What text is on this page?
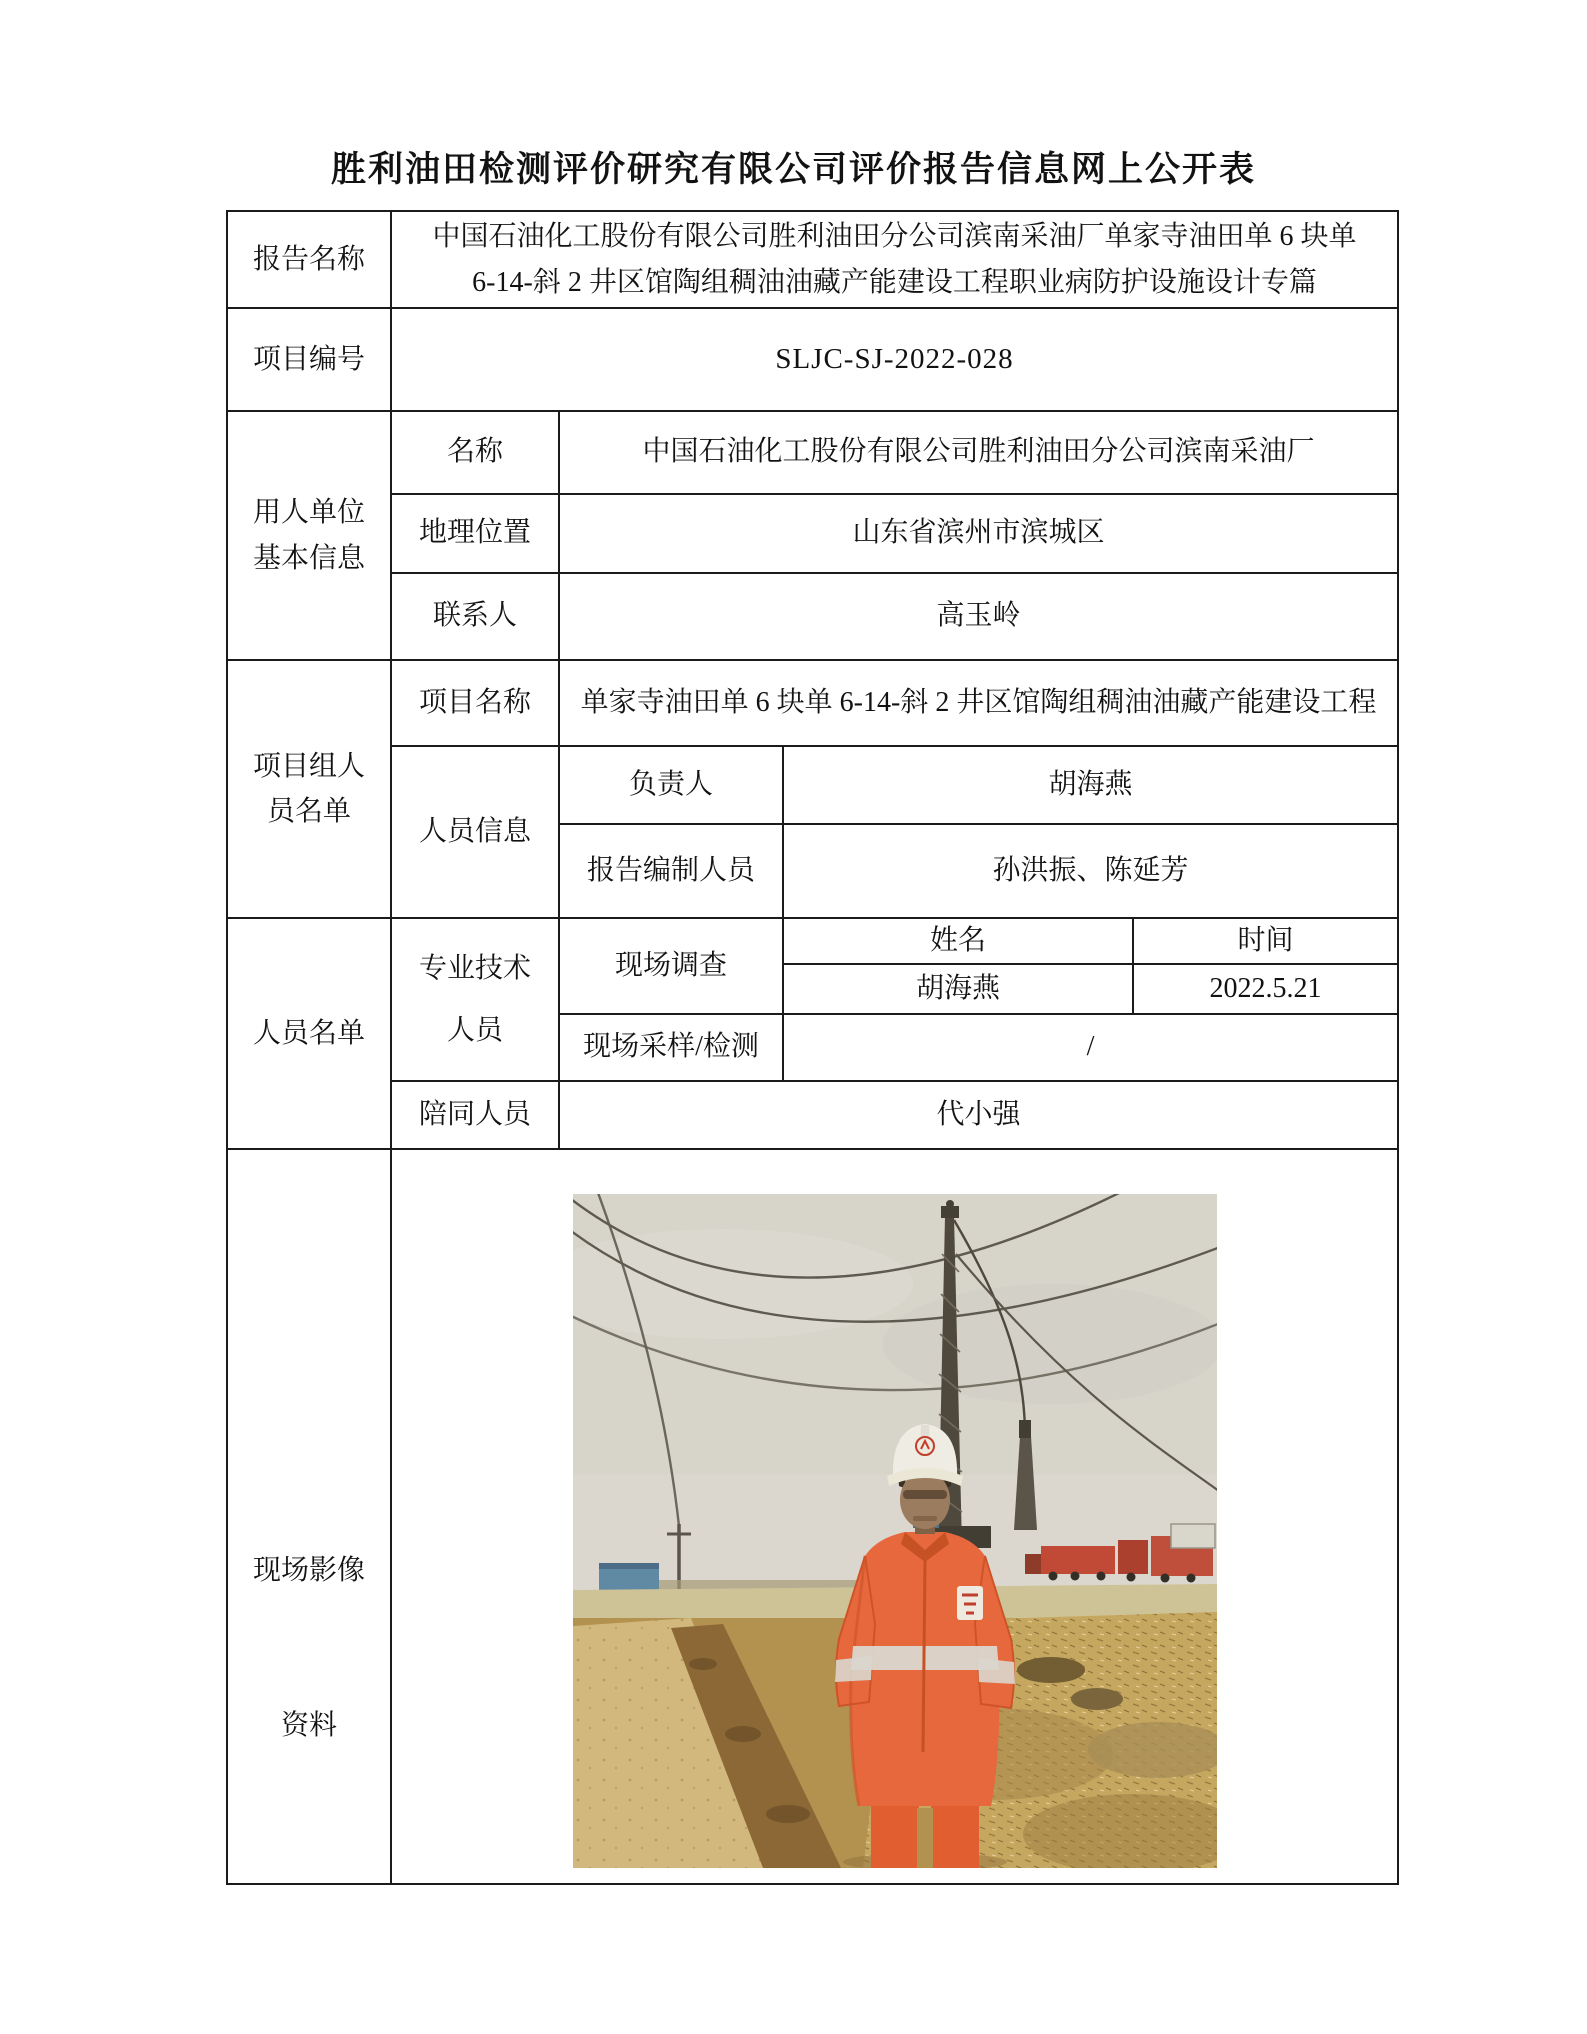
胜利油田检测评价研究有限公司评价报告信息网上公开表
报告名称	中国石油化工股份有限公司胜利油田分公司滨南采油厂单家寺油田单 6 块单
6-14-斜 2 井区馆陶组稠油油藏产能建设工程职业病防护设施设计专篇			

项目编号	SLJC-SJ-2022-028			
用人单位基本信息	名称	中国石油化工股份有限公司胜利油田分公司滨南采油厂		
	地理位置	山东省滨州市滨城区		
	联系人	高玉岭		
项目组人员名单	项目名称	单家寺油田单 6 块单 6-14-斜 2 井区馆陶组稠油油藏产能建设工程		
	人员信息	负责人	胡海燕	
		报告编制人员	孙洪振、陈延芳	
人员名单	专业技术人员	现场调查	姓名	时间
			胡海燕	2022.5.21
		现场采样/检测	/	
	陪同人员	代小强		

现场影像
资料
